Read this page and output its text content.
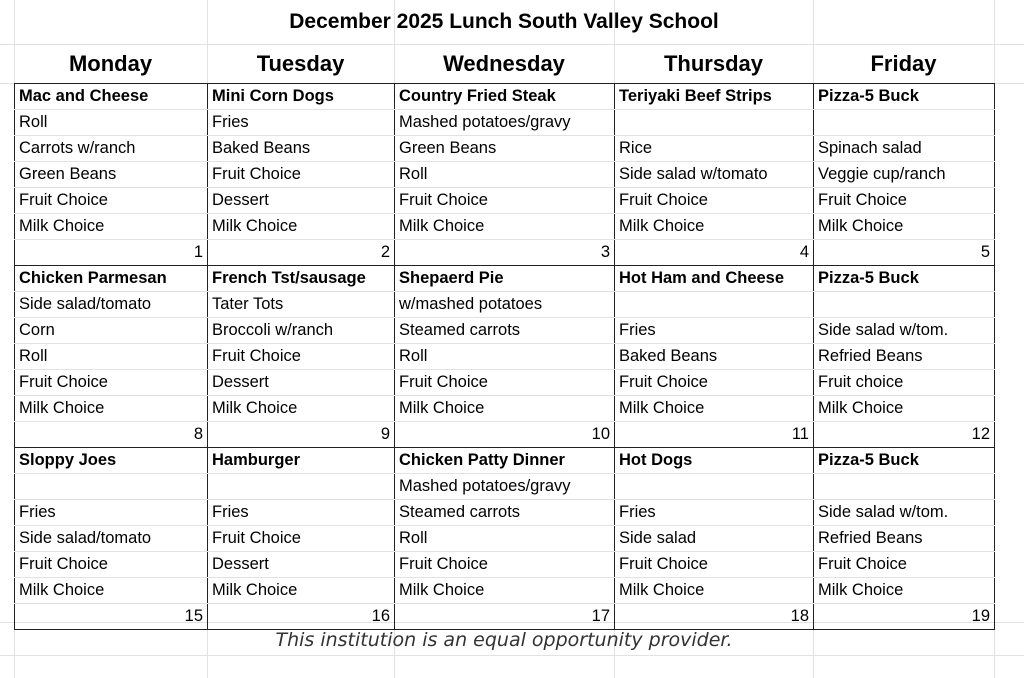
December 2025 Lunch South Valley School
Monday	Tuesday	Wednesday	Thursday	Friday
Mac and Cheese	Mini Corn Dogs	Country Fried Steak	Teriyaki Beef Strips	Pizza-5 Buck
Roll	Fries	Mashed potatoes/gravy		
Carrots w/ranch	Baked Beans	Green Beans	Rice	Spinach salad
Green Beans	Fruit Choice	Roll	Side salad w/tomato	Veggie cup/ranch
Fruit Choice	Dessert	Fruit Choice	Fruit Choice	Fruit Choice
Milk Choice	Milk Choice	Milk Choice	Milk Choice	Milk Choice
1	2	3	4	5
Chicken Parmesan	French Tst/sausage	Shepaerd Pie	Hot Ham and Cheese	Pizza-5 Buck
Side salad/tomato	Tater Tots	w/mashed potatoes		
Corn	Broccoli w/ranch	Steamed carrots	Fries	Side salad w/tom.
Roll	Fruit Choice	Roll	Baked Beans	Refried Beans
Fruit Choice	Dessert	Fruit Choice	Fruit Choice	Fruit choice
Milk Choice	Milk Choice	Milk Choice	Milk Choice	Milk Choice
8	9	10	11	12
Sloppy Joes	Hamburger	Chicken Patty Dinner	Hot Dogs	Pizza-5 Buck
		Mashed potatoes/gravy		
Fries	Fries	Steamed carrots	Fries	Side salad w/tom.
Side salad/tomato	Fruit Choice	Roll	Side salad	Refried Beans
Fruit Choice	Dessert	Fruit Choice	Fruit Choice	Fruit Choice
Milk Choice	Milk Choice	Milk Choice	Milk Choice	Milk Choice
15	16	17	18	19
This institution is an equal opportunity provider.
